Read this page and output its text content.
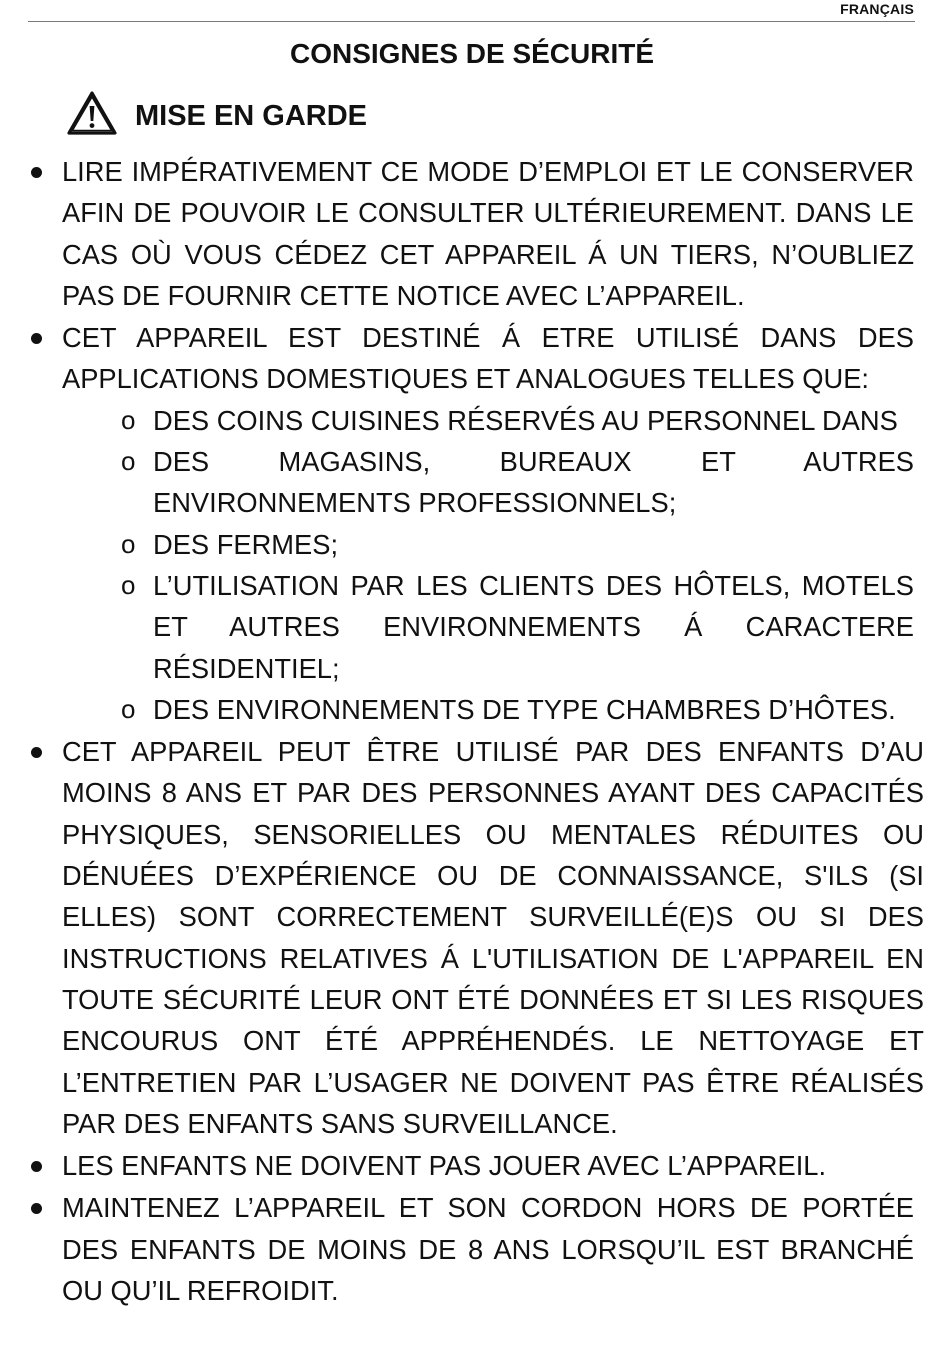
FRANÇAIS
CONSIGNES DE SÉCURITÉ
MISE EN GARDE
LIRE IMPÉRATIVEMENT CE MODE D’EMPLOI ET LE CONSERVER AFIN DE POUVOIR LE CONSULTER ULTÉRIEUREMENT. DANS LE CAS OÙ VOUS CÉDEZ CET APPAREIL Á UN TIERS, N’OUBLIEZ PAS DE FOURNIR CETTE NOTICE AVEC L’APPAREIL.
CET APPAREIL EST DESTINÉ Á ETRE UTILISÉ DANS DES APPLICATIONS DOMESTIQUES ET ANALOGUES TELLES QUE:
o DES COINS CUISINES RÉSERVÉS AU PERSONNEL DANS
o DES MAGASINS, BUREAUX ET AUTRES ENVIRONNEMENTS PROFESSIONNELS;
o DES FERMES;
o L’UTILISATION PAR LES CLIENTS DES HÔTELS, MOTELS ET AUTRES ENVIRONNEMENTS Á CARACTERE RÉSIDENTIEL;
o DES ENVIRONNEMENTS DE TYPE CHAMBRES D’HÔTES.
CET APPAREIL PEUT ÊTRE UTILISÉ PAR DES ENFANTS D’AU MOINS 8 ANS ET PAR DES PERSONNES AYANT DES CAPACITÉS PHYSIQUES, SENSORIELLES OU MENTALES RÉDUITES OU DÉNUÉES D’EXPÉRIENCE OU DE CONNAISSANCE, S'ILS (SI ELLES) SONT CORRECTEMENT SURVEILLÉ(E)S OU SI DES INSTRUCTIONS RELATIVES Á L'UTILISATION DE L'APPAREIL EN TOUTE SÉCURITÉ LEUR ONT ÉTÉ DONNÉES ET SI LES RISQUES ENCOURUS ONT ÉTÉ APPRÉHENDÉS. LE NETTOYAGE ET L’ENTRETIEN PAR L’USAGER NE DOIVENT PAS ÊTRE RÉALISÉS PAR DES ENFANTS SANS SURVEILLANCE.
LES ENFANTS NE DOIVENT PAS JOUER AVEC L’APPAREIL.
MAINTENEZ L’APPAREIL ET SON CORDON HORS DE PORTÉE DES ENFANTS DE MOINS DE 8 ANS LORSQU’IL EST BRANCHÉ OU QU’IL REFROIDIT.
